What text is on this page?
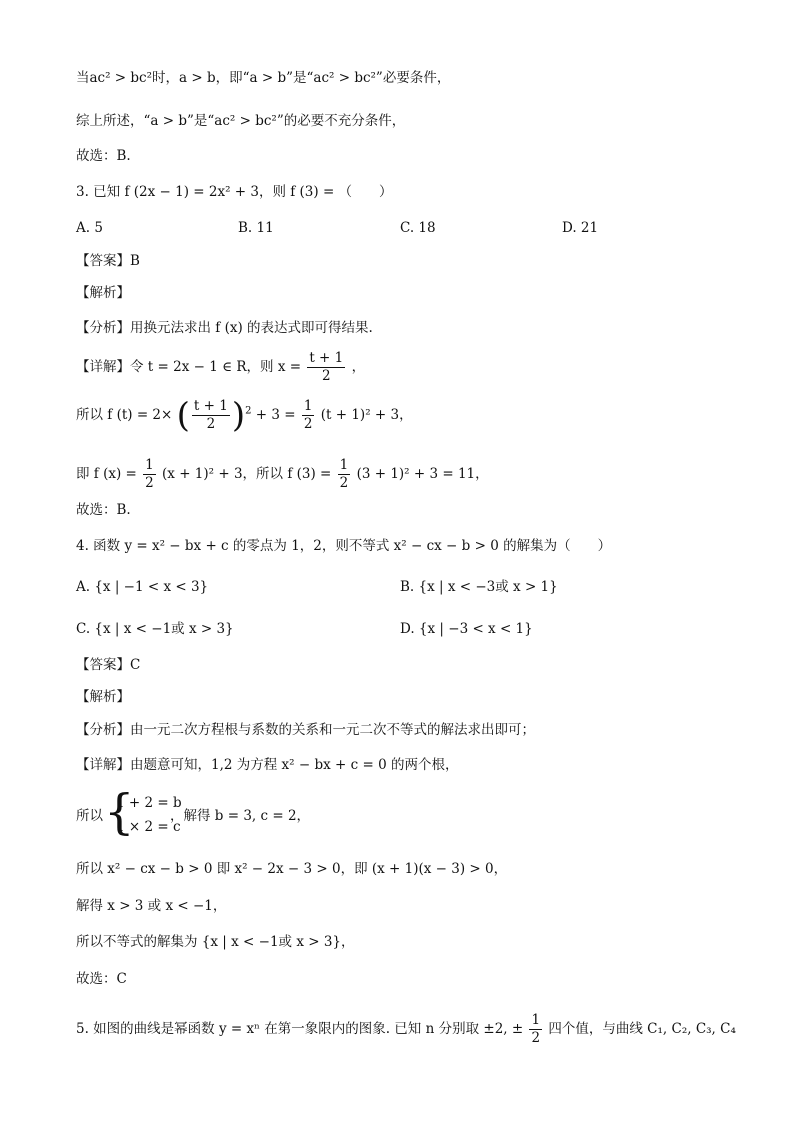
当ac² > bc²时，a > b，即“a > b”是“ac² > bc²”必要条件，
综上所述，“a > b”是“ac² > bc²”的必要不充分条件，
故选：B.
3. 已知 f (2x − 1) = 2x² + 3，则 f (3) = （　　）
A. 5	B. 11	C. 18	D. 21
【答案】B
【解析】
【分析】用换元法求出 f (x) 的表达式即可得结果.
【详解】令 t = 2x − 1 ∈ R，则 $x = \frac{t + 1}{2}$ ，
所以 f (t) = 2× ( $\frac{t + 1}{2} )^2 + 3 = \frac{1}{2} (t + 1)^2 + 3$，
即 f $(x) = \frac{1}{2} (x + 1)^2 + 3$，所以 f $(3) = \frac{1}{2} (3 + 1)^2 + 3 = 11$，
故选：B.
4. 函数 y = x² − bx + c 的零点为 1，2，则不等式 x² − cx − b > 0 的解集为（　　）
A. {x | −1 < x < 3}	B. {x | x < −3或 x > 1}
C. {x | x < −1或 x > 3}	D. {x | −3 < x < 1}
【答案】C
【解析】
【分析】由一元二次方程根与系数的关系和一元二次不等式的解法求出即可；
【详解】由题意可知，1,2 为方程 x² − bx + c = 0 的两个根，
所以 {
1 + 2 = b
1 × 2 = c
，解得 b = 3, c = 2，
所以 x² − cx − b > 0 即 x² − 2x − 3 > 0，即 (x + 1)(x − 3) > 0，
解得 x > 3 或 x < −1，
所以不等式的解集为 {x | x < −1或 x > 3}，
故选：C
5. 如图的曲线是幂函数 y = xⁿ 在第一象限内的图象. 已知 n 分别取 ±2, ± $\frac{1}{2}$ 四个值，与曲线 C₁, C₂, C₃, C₄
